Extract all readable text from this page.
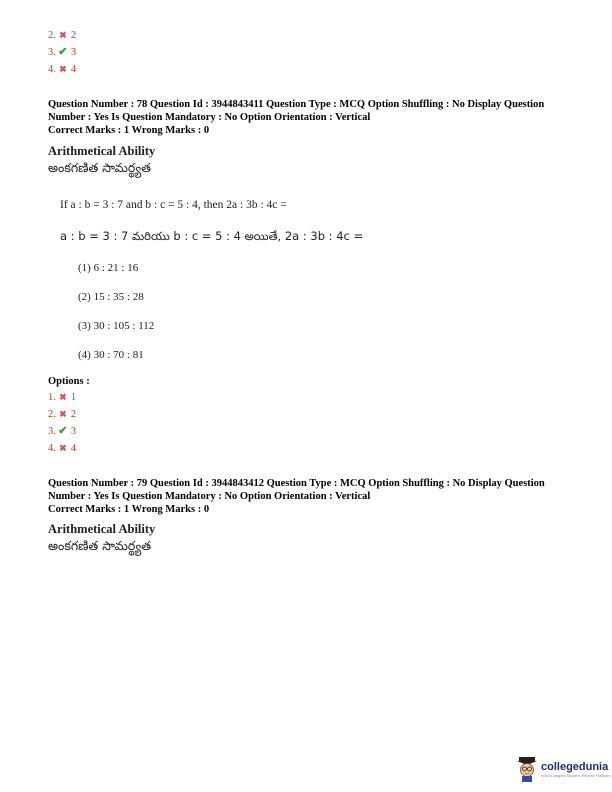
2. ✖ 2
3. ✔ 3
4. ✖ 4
Question Number : 78 Question Id : 3944843411 Question Type : MCQ Option Shuffling : No Display Question
Number : Yes Is Question Mandatory : No Option Orientation : Vertical
Correct Marks : 1 Wrong Marks : 0
Arithmetical Ability
అంకగణిత సామర్థ్యత
If a : b = 3 : 7 and b : c = 5 : 4, then 2a : 3b : 4c =
a : b = 3 : 7 మరియు b : c = 5 : 4 అయితే, 2a : 3b : 4c =
(1) 6 : 21 : 16
(2) 15 : 35 : 28
(3) 30 : 105 : 112
(4) 30 : 70 : 81
Options :
1. ✖ 1
2. ✖ 2
3. ✔ 3
4. ✖ 4
Question Number : 79 Question Id : 3944843412 Question Type : MCQ Option Shuffling : No Display Question
Number : Yes Is Question Mandatory : No Option Orientation : Vertical
Correct Marks : 1 Wrong Marks : 0
Arithmetical Ability
అంకగణిత సామర్థ్యత
collegedunia
India's largest Student Review Platform
